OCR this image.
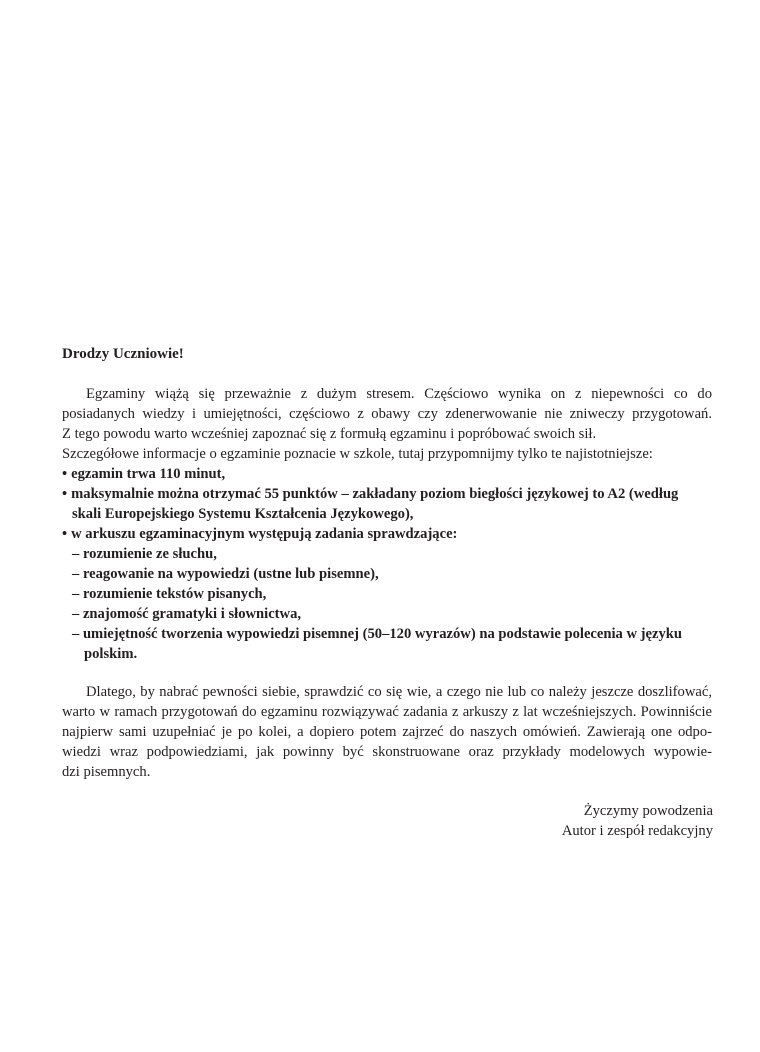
Drodzy Uczniowie!
Egzaminy wiążą się przeważnie z dużym stresem. Częściowo wynika on z niepewności co do
posiadanych wiedzy i umiejętności, częściowo z obawy czy zdenerwowanie nie zniweczy przygotowań.
Z tego powodu warto wcześniej zapoznać się z formułą egzaminu i popróbować swoich sił.
Szczegółowe informacje o egzaminie poznacie w szkole, tutaj przypomnijmy tylko te najistotniejsze:
• egzamin trwa 110 minut,
• maksymalnie można otrzymać 55 punktów – zakładany poziom biegłości językowej to A2 (według
skali Europejskiego Systemu Kształcenia Językowego),
• w arkuszu egzaminacyjnym występują zadania sprawdzające:
– rozumienie ze słuchu,
– reagowanie na wypowiedzi (ustne lub pisemne),
– rozumienie tekstów pisanych,
– znajomość gramatyki i słownictwa,
– umiejętność tworzenia wypowiedzi pisemnej (50–120 wyrazów) na podstawie polecenia w języku
polskim.
Dlatego, by nabrać pewności siebie, sprawdzić co się wie, a czego nie lub co należy jeszcze doszlifować,
warto w ramach przygotowań do egzaminu rozwiązywać zadania z arkuszy z lat wcześniejszych. Powinniście
najpierw sami uzupełniać je po kolei, a dopiero potem zajrzeć do naszych omówień. Zawierają one odpo-
wiedzi wraz podpowiedziami, jak powinny być skonstruowane oraz przykłady modelowych wypowie-
dzi pisemnych.
Życzymy powodzenia
Autor i zespół redakcyjny
